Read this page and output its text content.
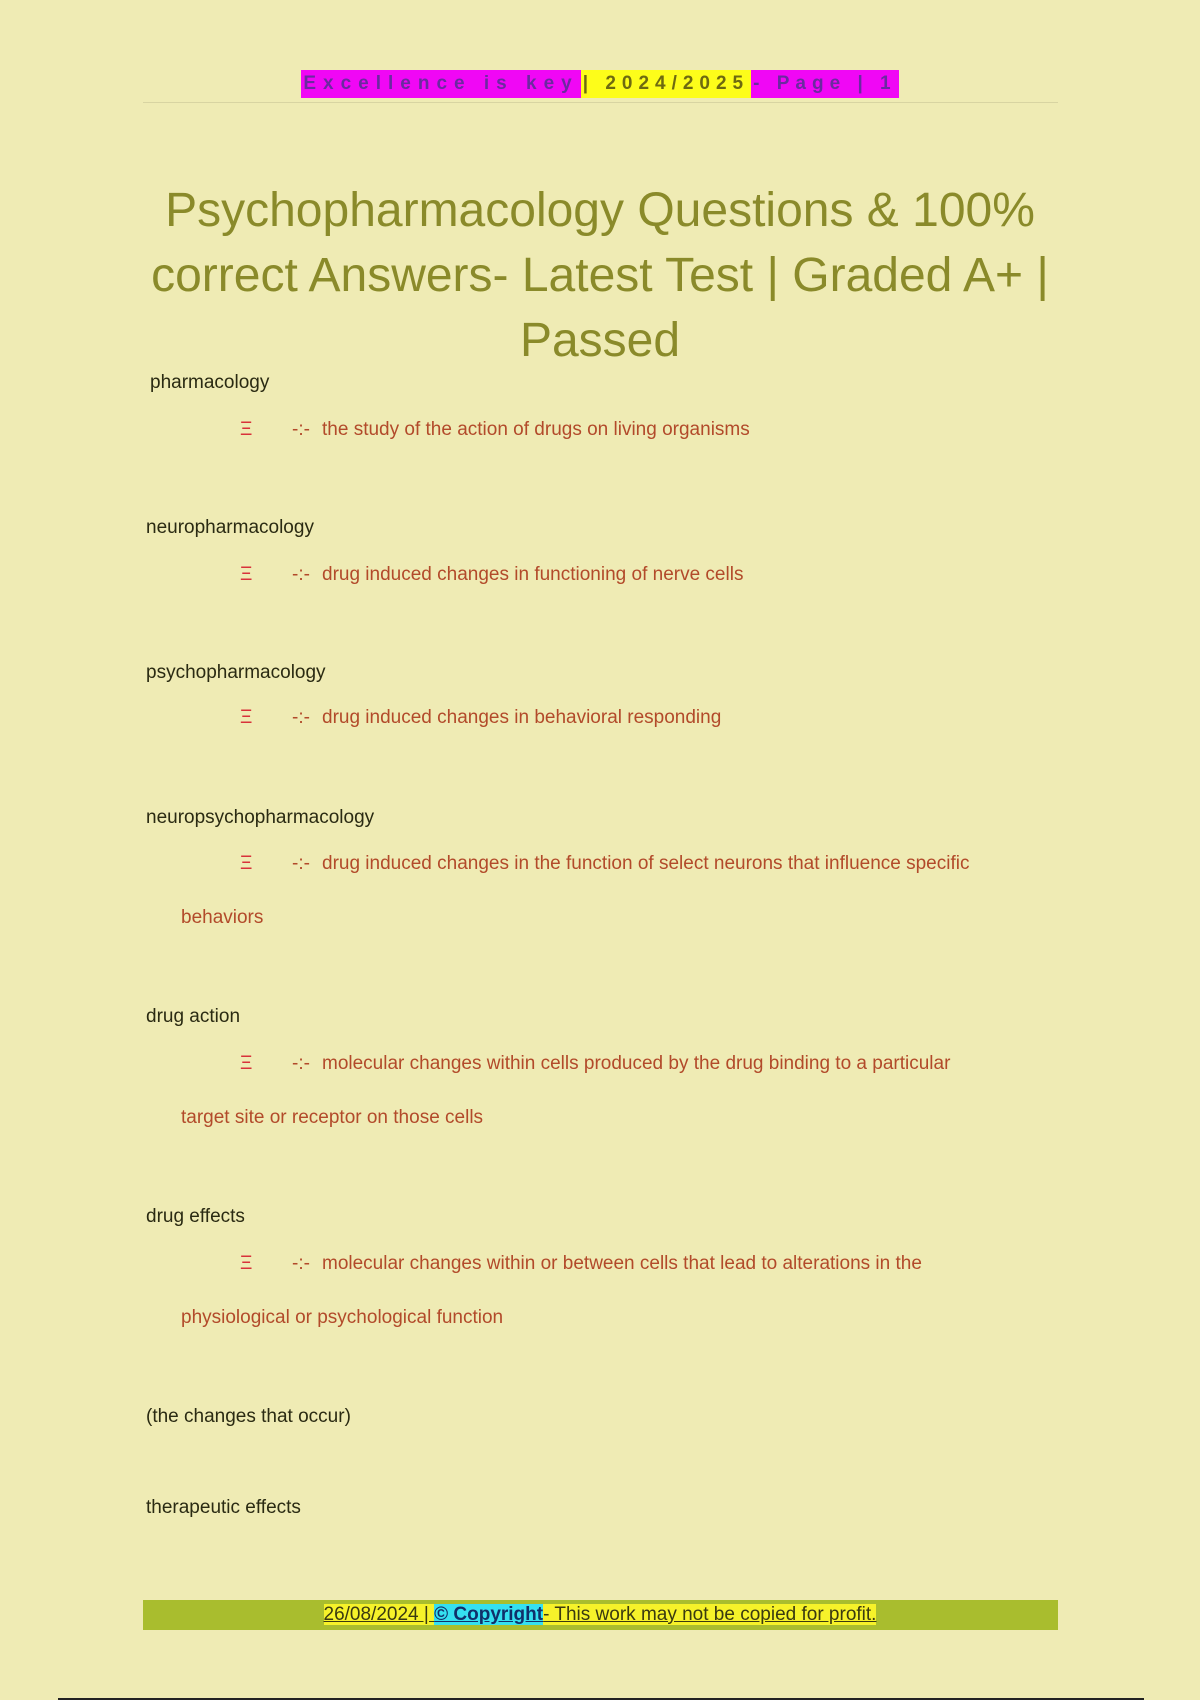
Excellence is key| 2024/2025- Page | 1
Psychopharmacology Questions & 100% correct Answers- Latest Test | Graded A+ | Passed
pharmacology
Ξ -:- the study of the action of drugs on living organisms
neuropharmacology
Ξ -:- drug induced changes in functioning of nerve cells
psychopharmacology
Ξ -:- drug induced changes in behavioral responding
neuropsychopharmacology
Ξ -:- drug induced changes in the function of select neurons that influence specific
behaviors
drug action
Ξ -:- molecular changes within cells produced by the drug binding to a particular
target site or receptor on those cells
drug effects
Ξ -:- molecular changes within or between cells that lead to alterations in the
physiological or psychological function
(the changes that occur)
therapeutic effects
26/08/2024 | © Copyright- This work may not be copied for profit.
